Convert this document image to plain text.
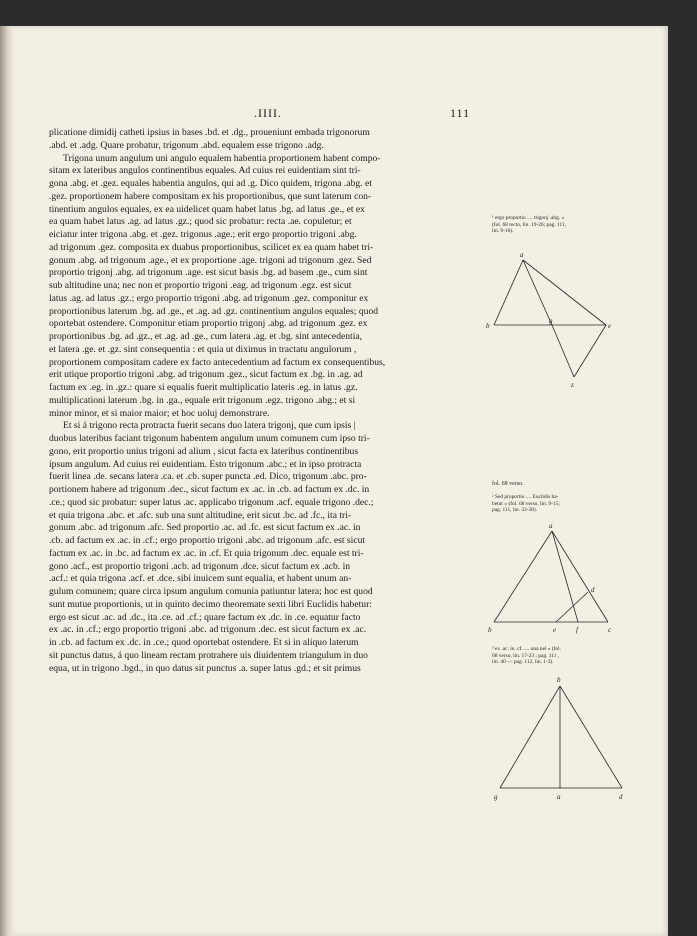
.IIII.	111

plicatione dimidij catheti ipsius in bases .bd. et .dg., proueniunt embada trigonorum

.abd. et .adg. Quare probatur, trigonum .abd. equalem esse trigono .adg.

Trigona unum angulum uni angulo equalem habentia proportionem habent compo-

sitam ex lateribus angulos continentibus equales. Ad cuius rei euidentiam sint tri-

gona .abg. et .gez. equales habentia angulos, qui ad .g. Dico quidem, trigona .abg. et

.gez. proportionem habere compositam ex his proportionibus, que sunt laterum con-

tinentium angulos equales, ex ea uidelicet quam habet latus .bg. ad latus .ge., et ex

ea quam habet latus .ag. ad latus .gz.; quod sic probatur: recta .ae. copuletur; et

eiciatur inter trigona .abg. et .gez. trigonus .age.; erit ergo proportio trigoni .abg.

ad trigonum .gez. composita ex duabus proportionibus, scilicet ex ea quam habet tri-

gonum .abg. ad trigonum .age., et ex proportione .age. trigoni ad trigonum .gez. Sed

proportio trigonj .abg. ad trigonum .age. est sicut basis .bg. ad basem .ge., cum sint

sub altitudine una; nec non et proportio trigoni .eag. ad trigonum .egz. est sicut

latus .ag. ad latus .gz.; ergo proportio trigoni .abg. ad trigonum .gez. componitur ex

proportionibus laterum .bg. ad .ge., et .ag. ad .gz. continentium angulos equales; quod

oportebat ostendere. Componitur etiam proportio trigonj .abg. ad trigonum .gez. ex

proportionibus .bg. ad .gz., et .ag. ad .ge., cum latera .ag. et .bg. sint antecedentia,

et latera .ge. et .gz. sint consequentia : et quia ut diximus in tractatu angulorum ,

proportionem compositam cadere ex facto antecedentium ad factum ex consequentibus,

erit utique proportio trigoni .abg. ad trigonum .gez., sicut factum ex .bg. in .ag. ad

factum ex .eg. in .gz.: quare si equalis fuerit multiplicatio lateris .eg. in latus .gz.

multiplicationi laterum .bg. in .ga., equale erit trigonum .egz. trigono .abg.; et si

minor minor, et si maior maior; et hoc uoluj demonstrare.

Et si á trigono recta protracta fuerit secans duo latera trigonj, que cum ipsis |

duobus lateribus faciant trigonum habentem angulum unum comunem cum ipso tri-

gono, erit proportio unius trigoni ad alium , sicut facta ex lateribus continentibus

ipsum angulum. Ad cuius rei euidentiam. Esto trigonum .abc.; et in ipso protracta

fuerit linea .de. secans latera .ca. et .cb. super puncta .ed. Dico, trigonum .abc. pro-

portionem habere ad trigonum .dec., sicut factum ex .ac. in .cb. ad factum ex .dc. in

.ce.; quod sic probatur: super latus .ac. applicabo trigonum .acf. equale trigono .dec.;

et quia trigona .abc. et .afc. sub una sunt altitudine, erit sicut .bc. ad .fc., ita tri-

gonum .abc. ad trigonum .afc. Sed proportio .ac. ad .fc. est sicut factum ex .ac. in

.cb. ad factum ex .ac. in .cf.; ergo proportio trigoni .abc. ad trigonum .afc. est sicut

factum ex .ac. in .bc. ad factum ex .ac. in .cf. Et quia trigonum .dec. equale est tri-

gono .acf., est proportio trigoni .acb. ad trigonum .dce. sicut factum ex .acb. in

.acf.: et quia trigona .acf. et .dce. sibi inuicem sunt equalia, et habent unum an-

gulum comunem; quare circa ipsum angulum comunia patiuntur latera; hoc est quod

sunt mutue proportionis, ut in quinto decimo theoremate sexti libri Euclidis habetur:

ergo est sicut .ac. ad .dc., ita .ce. ad .cf.; quare factum ex .dc. in .ce. equatur facto

ex .ac. in .cf.; ergo proportio trigoni .abc. ad trigonum .dec. est sicut factum ex .ac.

in .cb. ad factum ex .dc. in .ce.; quod oportebat ostendere. Et si in aliquo laterum

sit punctus datus, á quo lineam rectam protrahere uis diuidentem triangulum in duo

equa, ut in trigono .bgd., in quo datus sit punctus .a. super latus .gd.; et sit primus

¹ ergo proportio .... trigonj .abg. »
(fol. 68 recto, lin. 19-26; pag. 111,
lin. 9-16).
a
b
g
e
z
fol. 68 verso.
² Sed proportio .... Euclidis ha-
betur » (fol. 68 verso, lin. 9-15;
pag. 111, lin. 32-38).
a
d
b	e	f	c
³ ex .ac. in .cf. .... una nel » (fol.
68 verso, lin. 17-23 ; pag. 111 ,
lin. 40 — pag. 112, lin. 1-3).
b
g	a	d
